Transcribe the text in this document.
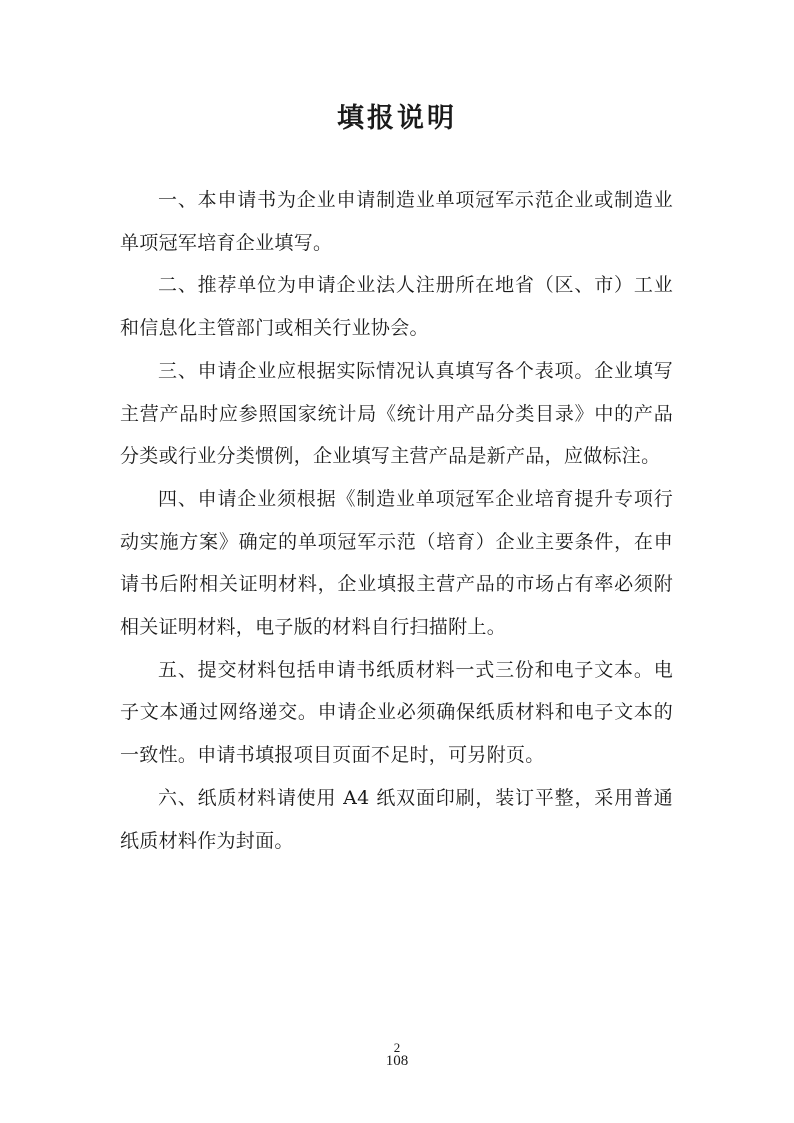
填报说明

一、本申请书为企业申请制造业单项冠军示范企业或制造业单项冠军培育企业填写。

二、推荐单位为申请企业法人注册所在地省（区、市）工业和信息化主管部门或相关行业协会。

三、申请企业应根据实际情况认真填写各个表项。企业填写主营产品时应参照国家统计局《统计用产品分类目录》中的产品分类或行业分类惯例，企业填写主营产品是新产品，应做标注。

四、申请企业须根据《制造业单项冠军企业培育提升专项行动实施方案》确定的单项冠军示范（培育）企业主要条件，在申请书后附相关证明材料，企业填报主营产品的市场占有率必须附相关证明材料，电子版的材料自行扫描附上。

五、提交材料包括申请书纸质材料一式三份和电子文本。电子文本通过网络递交。申请企业必须确保纸质材料和电子文本的一致性。申请书填报项目页面不足时，可另附页。

六、纸质材料请使用 A4 纸双面印刷，装订平整，采用普通纸质材料作为封面。

2
108
